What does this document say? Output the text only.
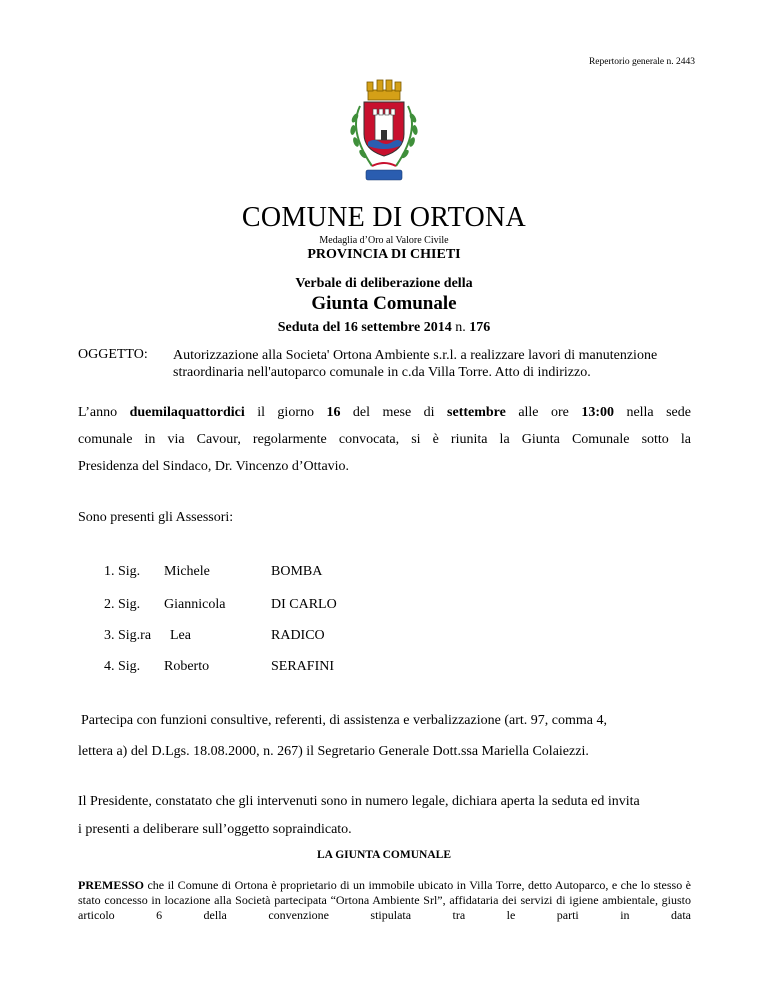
Repertorio generale n. 2443
COMUNE DI ORTONA
Medaglia d’Oro al Valore Civile
PROVINCIA DI CHIETI
Verbale di deliberazione della
Giunta Comunale
Seduta del 16 settembre 2014 n. 176
OGGETTO: Autorizzazione alla Societa' Ortona Ambiente s.r.l. a realizzare lavori di manutenzione straordinaria nell'autoparco comunale in c.da Villa Torre. Atto di indirizzo.
L’anno duemilaquattordici il giorno 16 del mese di settembre alle ore 13:00 nella sede
comunale in via Cavour, regolarmente convocata, si è riunita la Giunta Comunale sotto la
Presidenza del Sindaco, Dr. Vincenzo d’Ottavio.
Sono presenti gli Assessori:
1. Sig. Michele	BOMBA
2. Sig. Giannicola	DI CARLO
3. Sig.ra Lea	RADICO
4. Sig. Roberto	SERAFINI
Partecipa con funzioni consultive, referenti, di assistenza e verbalizzazione (art. 97, comma 4,
lettera a) del D.Lgs. 18.08.2000, n. 267) il Segretario Generale Dott.ssa Mariella Colaiezzi.
Il Presidente, constatato che gli intervenuti sono in numero legale, dichiara aperta la seduta ed invita
i presenti a deliberare sull’oggetto sopraindicato.
LA GIUNTA COMUNALE
PREMESSO che il Comune di Ortona è proprietario di un immobile ubicato in Villa Torre, detto Autoparco, e che lo stesso è stato concesso in locazione alla Società partecipata “Ortona Ambiente Srl”, affidataria dei servizi di igiene ambientale, giusto articolo 6 della convenzione stipulata tra le parti in data
